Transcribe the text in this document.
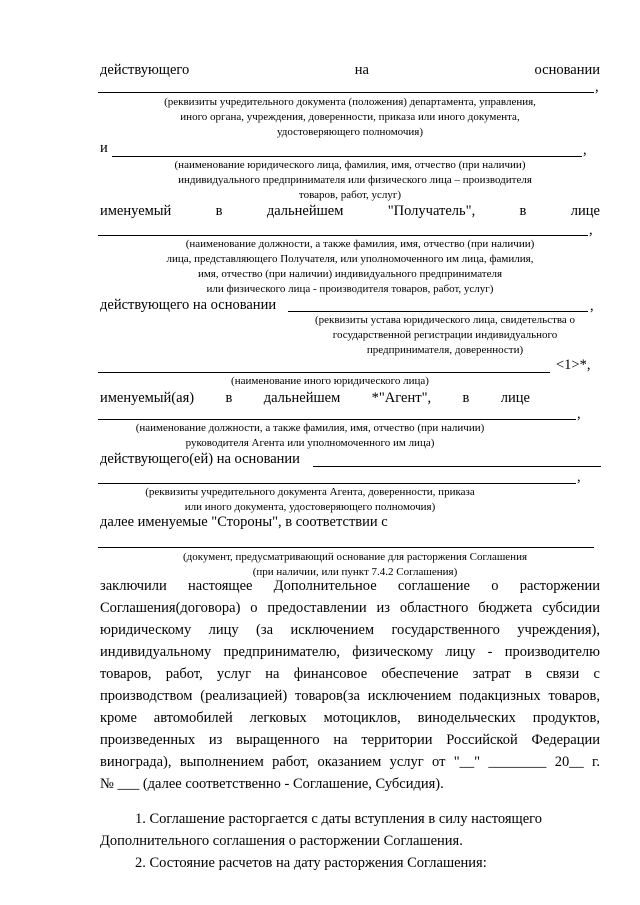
действующего	на	основании
,
(реквизиты учредительного документа (положения) департамента, управления,
иного органа, учреждения, доверенности, приказа или иного документа,
удостоверяющего полномочия)
и	,
(наименование юридического лица, фамилия, имя, отчество (при наличии)
индивидуального предпринимателя или физического лица – производителя
товаров, работ, услуг)
именуемый	в	дальнейшем	"Получатель",	в	лице
,
(наименование должности, а также фамилия, имя, отчество (при наличии)
лица, представляющего Получателя, или уполномоченного им лица, фамилия,
имя, отчество (при наличии) индивидуального предпринимателя
или физического лица - производителя товаров, работ, услуг)
действующего на основании	,
(реквизиты устава юридического лица, свидетельства о
государственной регистрации индивидуального
предпринимателя, доверенности)
<1>*,
(наименование иного юридического лица)
именуемый(ая) в дальнейшем *"Агент", в лице
,
(наименование должности, а также фамилия, имя, отчество (при наличии)
руководителя Агента или уполномоченного им лица)
действующего(ей) на основании
,
(реквизиты учредительного документа Агента, доверенности, приказа
или иного документа, удостоверяющего полномочия)
далее именуемые "Стороны", в соответствии с
(документ, предусматривающий основание для расторжения Соглашения
(при наличии, или пункт 7.4.2 Соглашения)
заключили настоящее Дополнительное соглашение о расторжении
Соглашения(договора) о предоставлении из областного бюджета субсидии
юридическому лицу (за исключением государственного учреждения),
индивидуальному предпринимателю, физическому лицу - производителю
товаров, работ, услуг на финансовое обеспечение затрат в связи с
производством (реализацией) товаров(за исключением подакцизных товаров,
кроме автомобилей легковых мотоциклов, винодельческих продуктов,
произведенных из выращенного на территории Российской Федерации
винограда), выполнением работ, оказанием услуг от "__" ________ 20__ г.
№ ___ (далее соответственно - Соглашение, Субсидия).
1. Соглашение расторгается с даты вступления в силу настоящего
Дополнительного соглашения о расторжении Соглашения.
2. Состояние расчетов на дату расторжения Соглашения:
